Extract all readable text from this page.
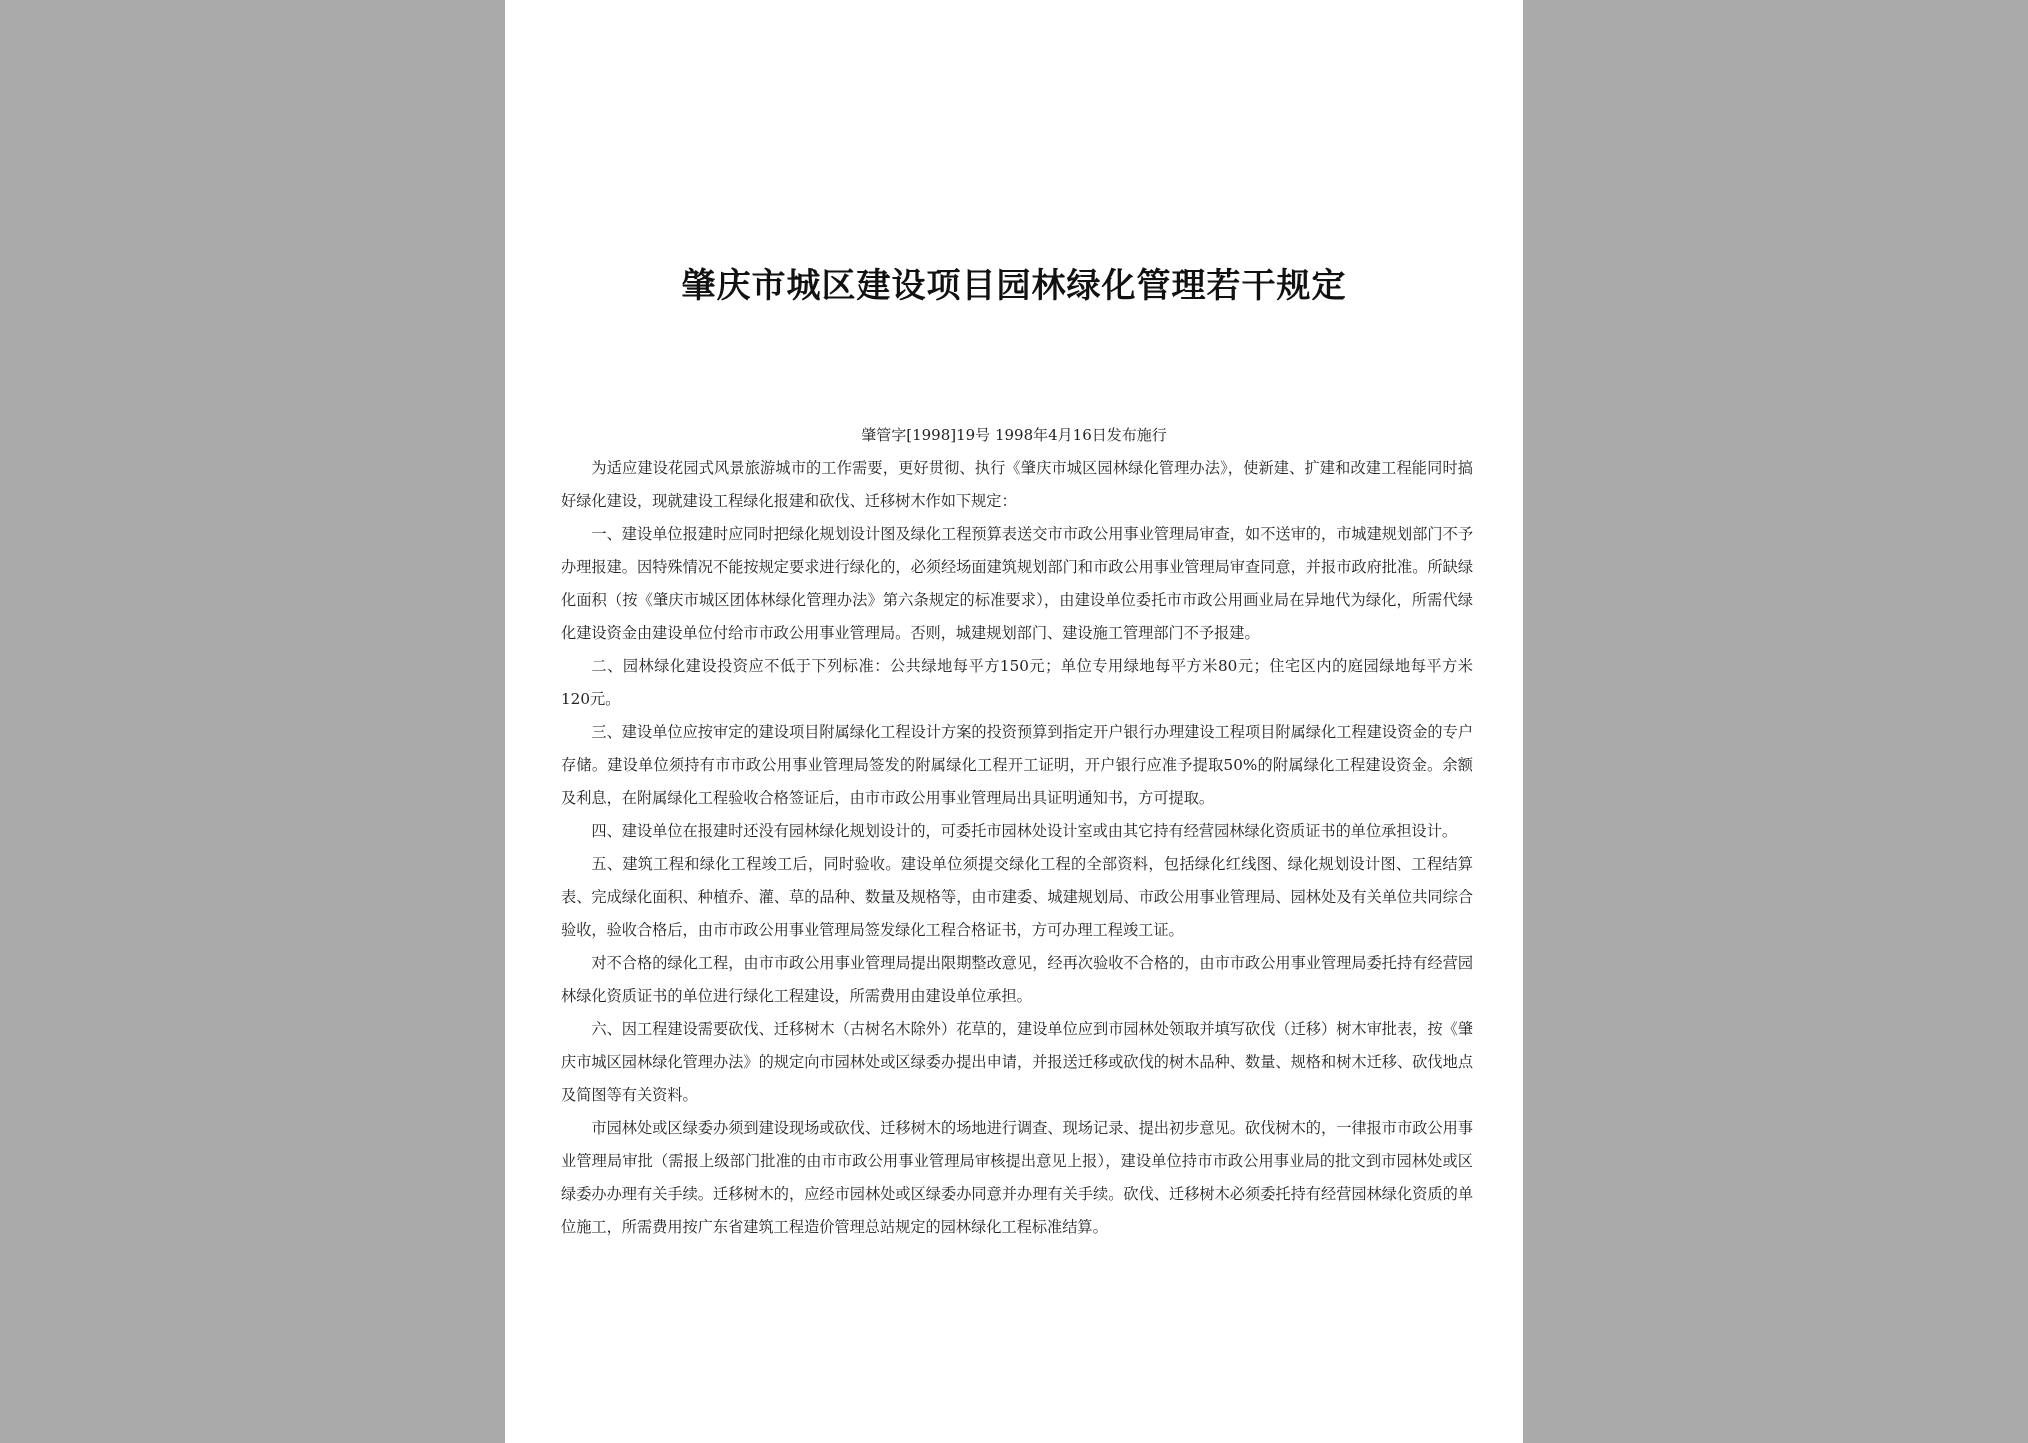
肇庆市城区建设项目园林绿化管理若干规定
肇管字[1998]19号 1998年4月16日发布施行

为适应建设花园式风景旅游城市的工作需要，更好贯彻、执行《肇庆市城区园林绿化管理办法》，使新建、扩建和改建工程能同时搞好绿化建设，现就建设工程绿化报建和砍伐、迁移树木作如下规定：

一、建设单位报建时应同时把绿化规划设计图及绿化工程预算表送交市市政公用事业管理局审查，如不送审的，市城建规划部门不予办理报建。因特殊情况不能按规定要求进行绿化的，必须经场面建筑规划部门和市政公用事业管理局审查同意，并报市政府批准。所缺绿化面积（按《肇庆市城区团体林绿化管理办法》第六条规定的标准要求），由建设单位委托市市政公用画业局在异地代为绿化，所需代绿化建设资金由建设单位付给市市政公用事业管理局。否则，城建规划部门、建设施工管理部门不予报建。

二、园林绿化建设投资应不低于下列标准：公共绿地每平方150元；单位专用绿地每平方米80元；住宅区内的庭园绿地每平方米120元。

三、建设单位应按审定的建设项目附属绿化工程设计方案的投资预算到指定开户银行办理建设工程项目附属绿化工程建设资金的专户存储。建设单位须持有市市政公用事业管理局签发的附属绿化工程开工证明，开户银行应准予提取50%的附属绿化工程建设资金。余额及利息，在附属绿化工程验收合格签证后，由市市政公用事业管理局出具证明通知书，方可提取。

四、建设单位在报建时还没有园林绿化规划设计的，可委托市园林处设计室或由其它持有经营园林绿化资质证书的单位承担设计。

五、建筑工程和绿化工程竣工后，同时验收。建设单位须提交绿化工程的全部资料，包括绿化红线图、绿化规划设计图、工程结算表、完成绿化面积、种植乔、灌、草的品种、数量及规格等，由市建委、城建规划局、市政公用事业管理局、园林处及有关单位共同综合验收，验收合格后，由市市政公用事业管理局签发绿化工程合格证书，方可办理工程竣工证。

对不合格的绿化工程，由市市政公用事业管理局提出限期整改意见，经再次验收不合格的，由市市政公用事业管理局委托持有经营园林绿化资质证书的单位进行绿化工程建设，所需费用由建设单位承担。

六、因工程建设需要砍伐、迁移树木（古树名木除外）花草的，建设单位应到市园林处领取并填写砍伐（迁移）树木审批表，按《肇庆市城区园林绿化管理办法》的规定向市园林处或区绿委办提出申请，并报送迁移或砍伐的树木品种、数量、规格和树木迁移、砍伐地点及简图等有关资料。

市园林处或区绿委办须到建设现场或砍伐、迁移树木的场地进行调查、现场记录、提出初步意见。砍伐树木的，一律报市市政公用事业管理局审批（需报上级部门批准的由市市政公用事业管理局审核提出意见上报），建设单位持市市政公用事业局的批文到市园林处或区绿委办办理有关手续。迁移树木的，应经市园林处或区绿委办同意并办理有关手续。砍伐、迁移树木必须委托持有经营园林绿化资质的单位施工，所需费用按广东省建筑工程造价管理总站规定的园林绿化工程标准结算。
